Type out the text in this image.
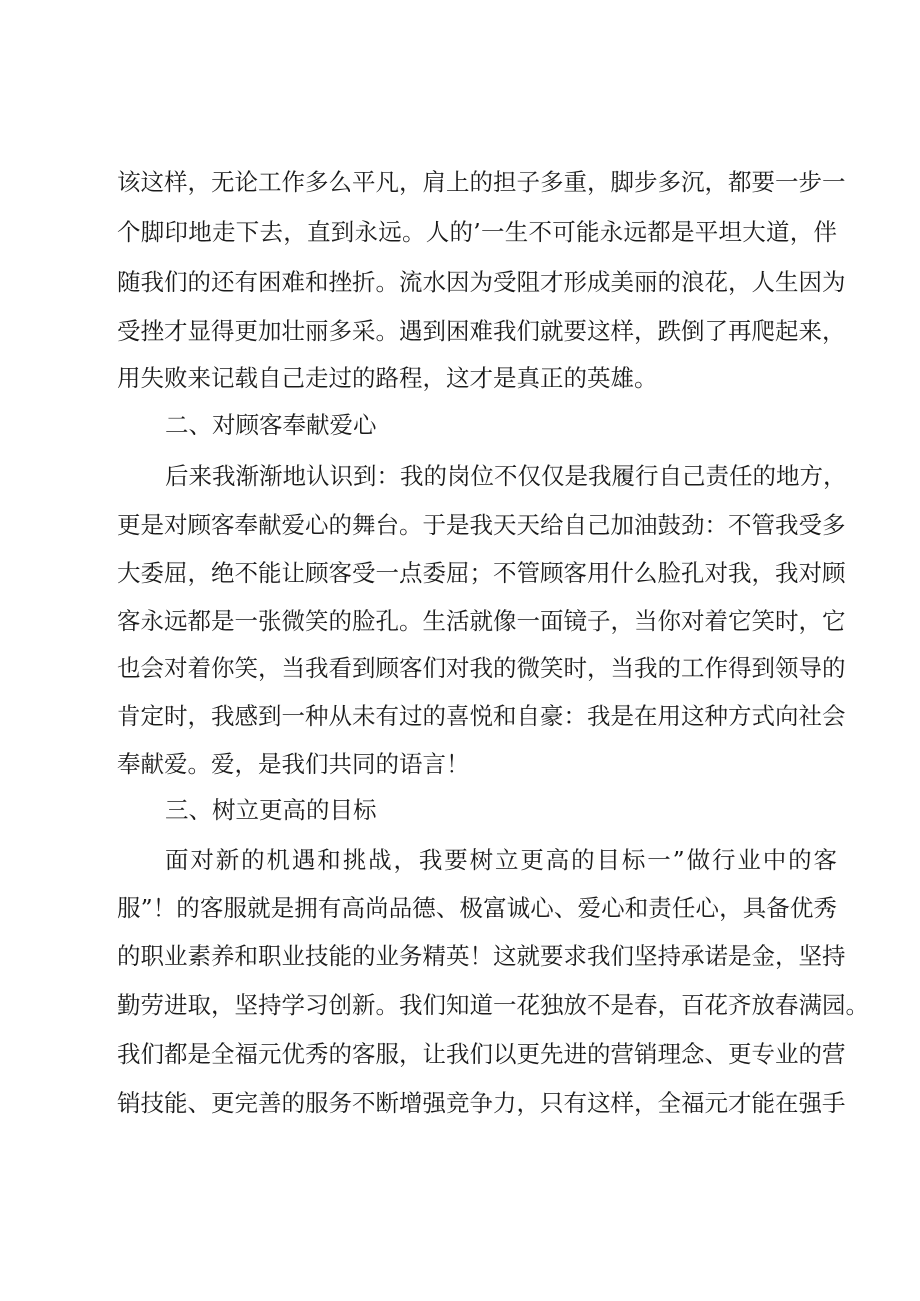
该这样，无论工作多么平凡，肩上的担子多重，脚步多沉，都要一步一
个脚印地走下去，直到永远。人的’一生不可能永远都是平坦大道，伴
随我们的还有困难和挫折。流水因为受阻才形成美丽的浪花，人生因为
受挫才显得更加壮丽多采。遇到困难我们就要这样，跌倒了再爬起来，
用失败来记载自己走过的路程，这才是真正的英雄。
二、对顾客奉献爱心
后来我渐渐地认识到：我的岗位不仅仅是我履行自己责任的地方，
更是对顾客奉献爱心的舞台。于是我天天给自己加油鼓劲：不管我受多
大委屈，绝不能让顾客受一点委屈；不管顾客用什么脸孔对我，我对顾
客永远都是一张微笑的脸孔。生活就像一面镜子，当你对着它笑时，它
也会对着你笑，当我看到顾客们对我的微笑时，当我的工作得到领导的
肯定时，我感到一种从未有过的喜悦和自豪：我是在用这种方式向社会
奉献爱。爱，是我们共同的语言！
三、树立更高的目标
面对新的机遇和挑战，我要树立更高的目标一”做行业中的客
服”！的客服就是拥有高尚品德、极富诚心、爱心和责任心，具备优秀
的职业素养和职业技能的业务精英！这就要求我们坚持承诺是金，坚持
勤劳进取，坚持学习创新。我们知道一花独放不是春，百花齐放春满园。
我们都是全福元优秀的客服，让我们以更先进的营销理念、更专业的营
销技能、更完善的服务不断增强竞争力，只有这样，全福元才能在强手
